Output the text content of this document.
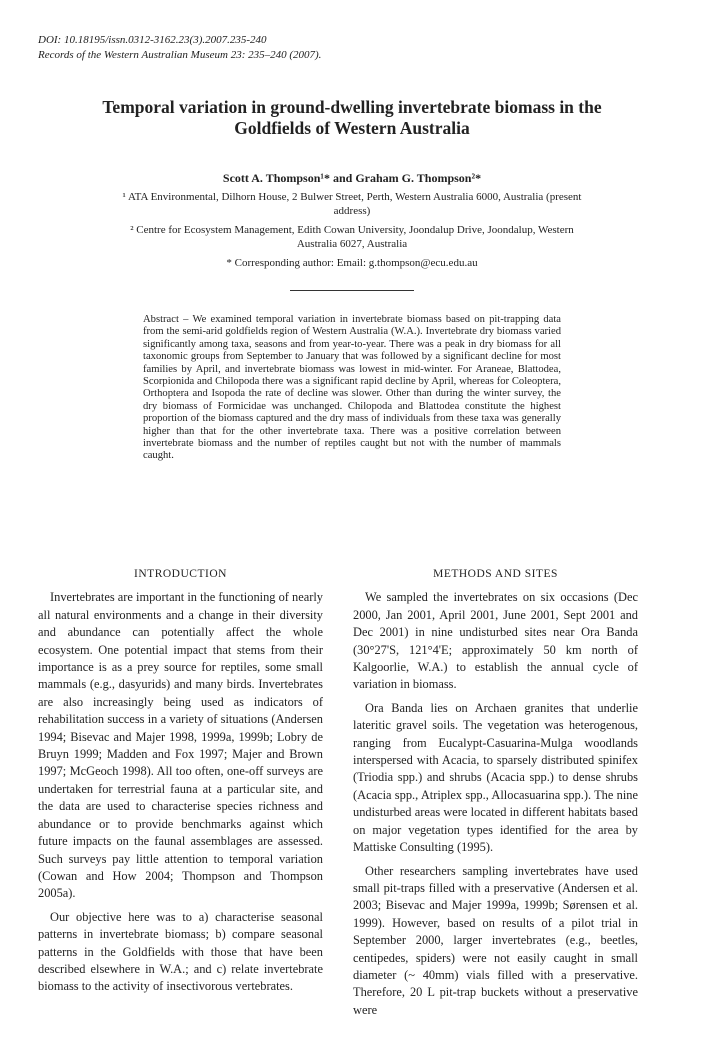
DOI: 10.18195/issn.0312-3162.23(3).2007.235-240
Records of the Western Australian Museum 23: 235–240 (2007).
Temporal variation in ground-dwelling invertebrate biomass in the Goldfields of Western Australia
Scott A. Thompson¹* and Graham G. Thompson²*
¹ ATA Environmental, Dilhorn House, 2 Bulwer Street, Perth, Western Australia 6000, Australia (present address)
² Centre for Ecosystem Management, Edith Cowan University, Joondalup Drive, Joondalup, Western Australia 6027, Australia
* Corresponding author: Email: g.thompson@ecu.edu.au
Abstract – We examined temporal variation in invertebrate biomass based on pit-trapping data from the semi-arid goldfields region of Western Australia (W.A.). Invertebrate dry biomass varied significantly among taxa, seasons and from year-to-year. There was a peak in dry biomass for all taxonomic groups from September to January that was followed by a significant decline for most families by April, and invertebrate biomass was lowest in mid-winter. For Araneae, Blattodea, Scorpionida and Chilopoda there was a significant rapid decline by April, whereas for Coleoptera, Orthoptera and Isopoda the rate of decline was slower. Other than during the winter survey, the dry biomass of Formicidae was unchanged. Chilopoda and Blattodea constitute the highest proportion of the biomass captured and the dry mass of individuals from these taxa was generally higher than that for the other invertebrate taxa. There was a positive correlation between invertebrate biomass and the number of reptiles caught but not with the number of mammals caught.
INTRODUCTION

Invertebrates are important in the functioning of nearly all natural environments and a change in their diversity and abundance can potentially affect the whole ecosystem. One potential impact that stems from their importance is as a prey source for reptiles, some small mammals (e.g., dasyurids) and many birds. Invertebrates are also increasingly being used as indicators of rehabilitation success in a variety of situations (Andersen 1994; Bisevac and Majer 1998, 1999a, 1999b; Lobry de Bruyn 1999; Madden and Fox 1997; Majer and Brown 1997; McGeoch 1998). All too often, one-off surveys are undertaken for terrestrial fauna at a particular site, and the data are used to characterise species richness and abundance or to provide benchmarks against which future impacts on the faunal assemblages are assessed. Such surveys pay little attention to temporal variation (Cowan and How 2004; Thompson and Thompson 2005a).

Our objective here was to a) characterise seasonal patterns in invertebrate biomass; b) compare seasonal patterns in the Goldfields with those that have been described elsewhere in W.A.; and c) relate invertebrate biomass to the activity of insectivorous vertebrates.

METHODS AND SITES

We sampled the invertebrates on six occasions (Dec 2000, Jan 2001, April 2001, June 2001, Sept 2001 and Dec 2001) in nine undisturbed sites near Ora Banda (30°27'S, 121°4'E; approximately 50 km north of Kalgoorlie, W.A.) to establish the annual cycle of variation in biomass.

Ora Banda lies on Archaen granites that underlie lateritic gravel soils. The vegetation was heterogenous, ranging from Eucalypt-Casuarina-Mulga woodlands interspersed with Acacia, to sparsely distributed spinifex (Triodia spp.) and shrubs (Acacia spp.) to dense shrubs (Acacia spp., Atriplex spp., Allocasuarina spp.). The nine undisturbed areas were located in different habitats based on major vegetation types identified for the area by Mattiske Consulting (1995).

Other researchers sampling invertebrates have used small pit-traps filled with a preservative (Andersen et al. 2003; Bisevac and Majer 1999a, 1999b; Sørensen et al. 1999). However, based on results of a pilot trial in September 2000, larger invertebrates (e.g., beetles, centipedes, spiders) were not easily caught in small diameter (~ 40mm) vials filled with a preservative. Therefore, 20 L pit-trap buckets without a preservative were
